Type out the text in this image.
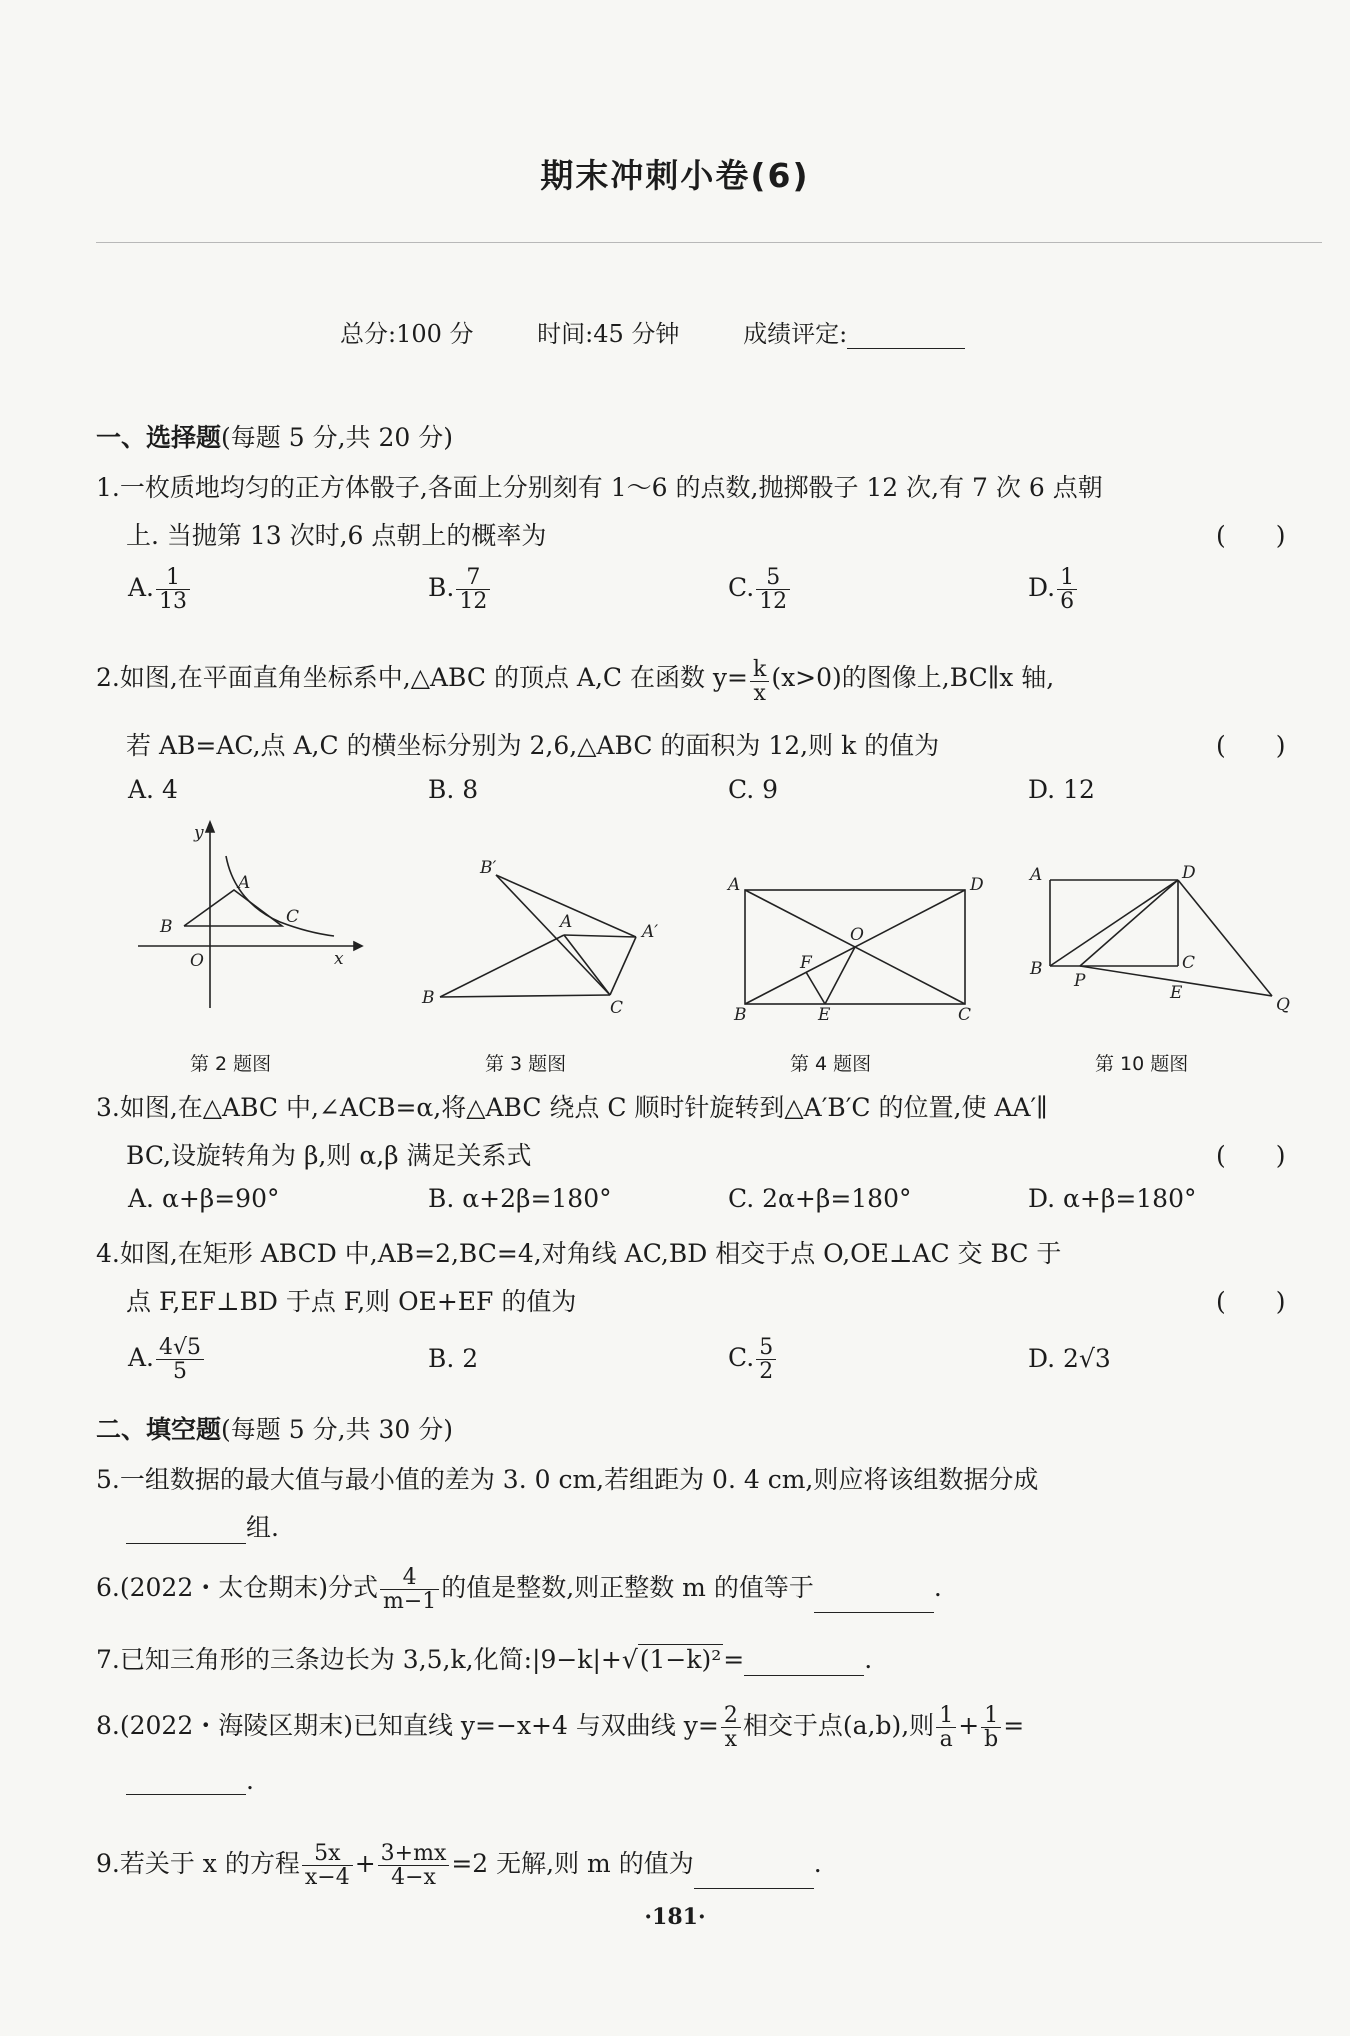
期末冲刺小卷(6)
总分:100 分	时间:45 分钟	成绩评定:
一、选择题(每题 5 分,共 20 分)
1.一枚质地均匀的正方体骰子,各面上分别刻有 1～6 的点数,抛掷骰子 12 次,有 7 次 6 点朝
上. 当抛第 13 次时,6 点朝上的概率为	(　　)
A. $\frac{1}{13}$	B. $\frac{7}{12}$	C. $\frac{5}{12}$	D. $\frac{1}{6}$
2.如图,在平面直角坐标系中,△ABC 的顶点 A,C 在函数 $y= \frac{k}{x} (x>0)$的图像上,BC∥x 轴,
若 AB=AC,点 A,C 的横坐标分别为 2,6,△ABC 的面积为 12,则 k 的值为	(　　)
A. 4	B. 8	C. 9	D. 12
y
x
O
A
B	C
第 2 题图
B′
A	A′
B	C
第 3 题图
A	D
O
F
B	E	C
第 4 题图
A	D
B
P
C
E
Q
第 10 题图
3.如图,在△ABC 中,∠ACB=α,将△ABC 绕点 C 顺时针旋转到△A′B′C 的位置,使 AA′∥
BC,设旋转角为 β,则 α,β 满足关系式	(　　)
A. α+β=90°	B. α+2β=180°	C. 2α+β=180°	D. α+β=180°
4.如图,在矩形 ABCD 中,AB=2,BC=4,对角线 AC,BD 相交于点 O,OE⊥AC 交 BC 于
点 F,EF⊥BD 于点 F,则 OE+EF 的值为	(　　)
A. $\frac{4√5}{5}$	B. 2	C. $\frac{5}{2}$	D. 2√3
二、填空题(每题 5 分,共 30 分)
5.一组数据的最大值与最小值的差为 3. 0 cm,若组距为 0. 4 cm,则应将该组数据分成
组.
6.(2022・太仓期末)分式 $\frac{4}{m-1}$ 的值是整数,则正整数 m 的值等于	.
7.已知三角形的三条边长为 3,5,k,化简:|9−k|+√(1−k)²=	.
8.(2022・海陵区期末)已知直线 y=−x+4 与双曲线 $y= \frac{2}{x}$ 相交于点(a,b),则 $\frac{1}{a} + \frac{1}{b}$ =
.
9.若关于 x 的方程 $\frac{5x}{x-4} + \frac{3+mx}{4-x} =2$ 无解,则 m 的值为	.
·181·
